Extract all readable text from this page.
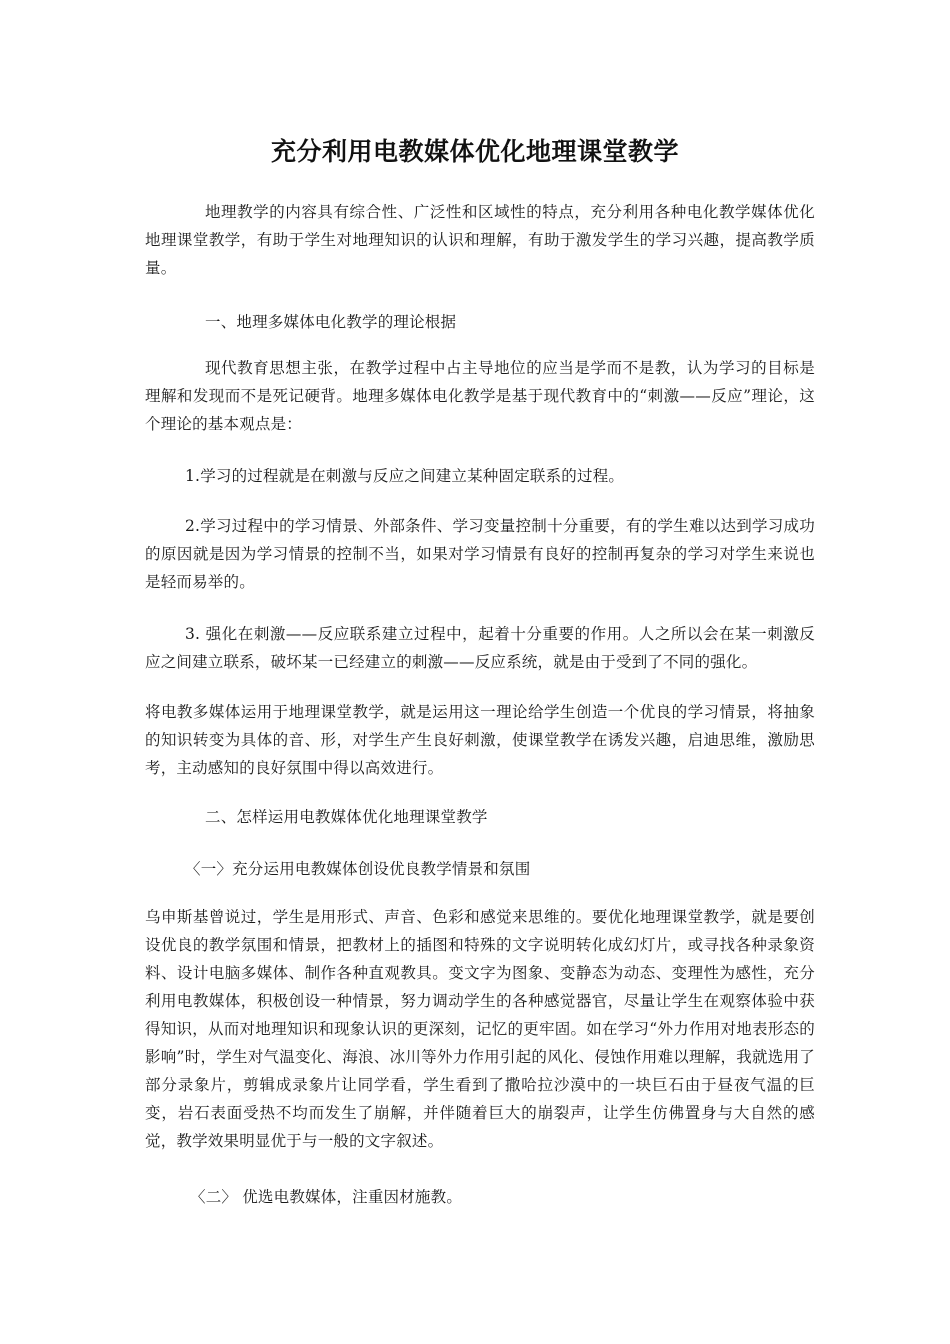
充分利用电教媒体优化地理课堂教学

地理教学的内容具有综合性、广泛性和区域性的特点，充分利用各种电化教学媒体优化地理课堂教学，有助于学生对地理知识的认识和理解，有助于激发学生的学习兴趣，提高教学质量。

一、地理多媒体电化教学的理论根据

现代教育思想主张，在教学过程中占主导地位的应当是学而不是教，认为学习的目标是理解和发现而不是死记硬背。地理多媒体电化教学是基于现代教育中的“刺激——反应”理论，这个理论的基本观点是：

1.学习的过程就是在刺激与反应之间建立某种固定联系的过程。

2.学习过程中的学习情景、外部条件、学习变量控制十分重要，有的学生难以达到学习成功的原因就是因为学习情景的控制不当，如果对学习情景有良好的控制再复杂的学习对学生来说也是轻而易举的。

3. 强化在刺激——反应联系建立过程中，起着十分重要的作用。人之所以会在某一刺激反应之间建立联系，破坏某一已经建立的刺激——反应系统，就是由于受到了不同的强化。

将电教多媒体运用于地理课堂教学，就是运用这一理论给学生创造一个优良的学习情景，将抽象的知识转变为具体的音、形，对学生产生良好刺激，使课堂教学在诱发兴趣，启迪思维，激励思考，主动感知的良好氛围中得以高效进行。

二、怎样运用电教媒体优化地理课堂教学

〈一〉充分运用电教媒体创设优良教学情景和氛围

乌申斯基曾说过，学生是用形式、声音、色彩和感觉来思维的。要优化地理课堂教学，就是要创设优良的教学氛围和情景，把教材上的插图和特殊的文字说明转化成幻灯片，或寻找各种录象资料、设计电脑多媒体、制作各种直观教具。变文字为图象、变静态为动态、变理性为感性，充分利用电教媒体，积极创设一种情景，努力调动学生的各种感觉器官，尽量让学生在观察体验中获得知识，从而对地理知识和现象认识的更深刻，记忆的更牢固。如在学习“外力作用对地表形态的影响”时，学生对气温变化、海浪、冰川等外力作用引起的风化、侵蚀作用难以理解，我就选用了部分录象片，剪辑成录象片让同学看，学生看到了撒哈拉沙漠中的一块巨石由于昼夜气温的巨变，岩石表面受热不均而发生了崩解，并伴随着巨大的崩裂声，让学生仿佛置身与大自然的感觉，教学效果明显优于与一般的文字叙述。

〈二〉 优选电教媒体，注重因材施教。
